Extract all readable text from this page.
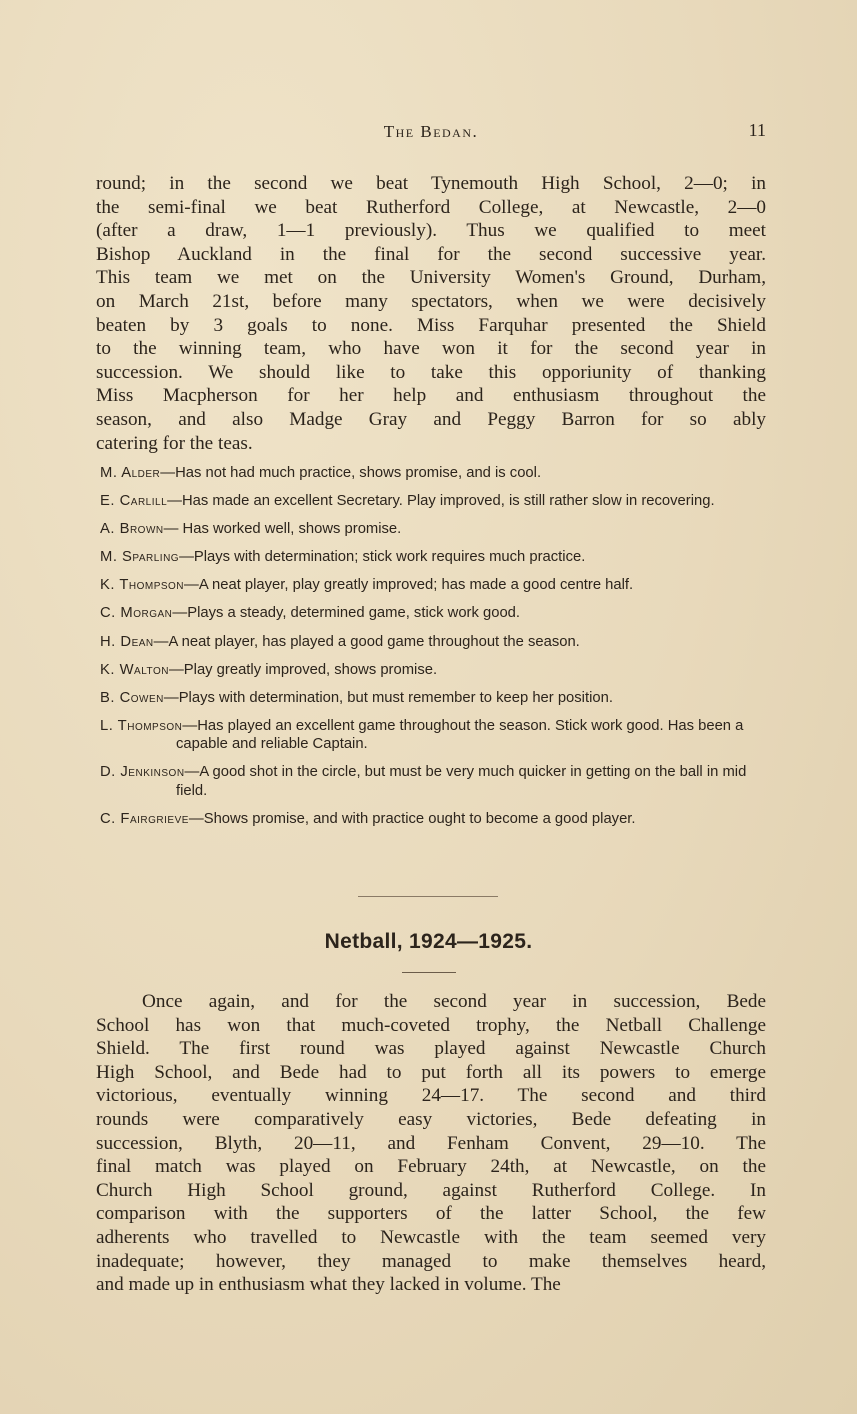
The Bedan.	11

round; in the second we beat Tynemouth High School, 2—0; in
the semi-final we beat Rutherford College, at Newcastle, 2—0
(after a draw, 1—1 previously). Thus we qualified to meet
Bishop Auckland in the final for the second successive year.
This team we met on the University Women's Ground, Durham,
on March 21st, before many spectators, when we were decisively
beaten by 3 goals to none. Miss Farquhar presented the Shield
to the winning team, who have won it for the second year in
succession. We should like to take this opporiunity of thanking
Miss Macpherson for her help and enthusiasm throughout the
season, and also Madge Gray and Peggy Barron for so ably
catering for the teas.

M. Alder—Has not had much practice, shows promise, and is cool.

E. Carlill—Has made an excellent Secretary. Play improved, is still rather slow in recovering.

A. Brown— Has worked well, shows promise.

M. Sparling—Plays with determination; stick work requires much practice.

K. Thompson—A neat player, play greatly improved; has made a good centre half.

C. Morgan—Plays a steady, determined game, stick work good.

H. Dean—A neat player, has played a good game throughout the season.

K. Walton—Play greatly improved, shows promise.

B. Cowen—Plays with determination, but must remember to keep her position.

L. Thompson—Has played an excellent game throughout the season. Stick work good. Has been a capable and reliable Captain.

D. Jenkinson—A good shot in the circle, but must be very much quicker in getting on the ball in mid field.

C. Fairgrieve—Shows promise, and with practice ought to become a good player.

Netball, 1924—1925.

Once again, and for the second year in succession, Bede
School has won that much-coveted trophy, the Netball Challenge
Shield. The first round was played against Newcastle Church
High School, and Bede had to put forth all its powers to emerge
victorious, eventually winning 24—17. The second and third
rounds were comparatively easy victories, Bede defeating in
succession, Blyth, 20—11, and Fenham Convent, 29—10. The
final match was played on February 24th, at Newcastle, on the
Church High School ground, against Rutherford College. In
comparison with the supporters of the latter School, the few
adherents who travelled to Newcastle with the team seemed very
inadequate; however, they managed to make themselves heard,
and made up in enthusiasm what they lacked in volume. The
